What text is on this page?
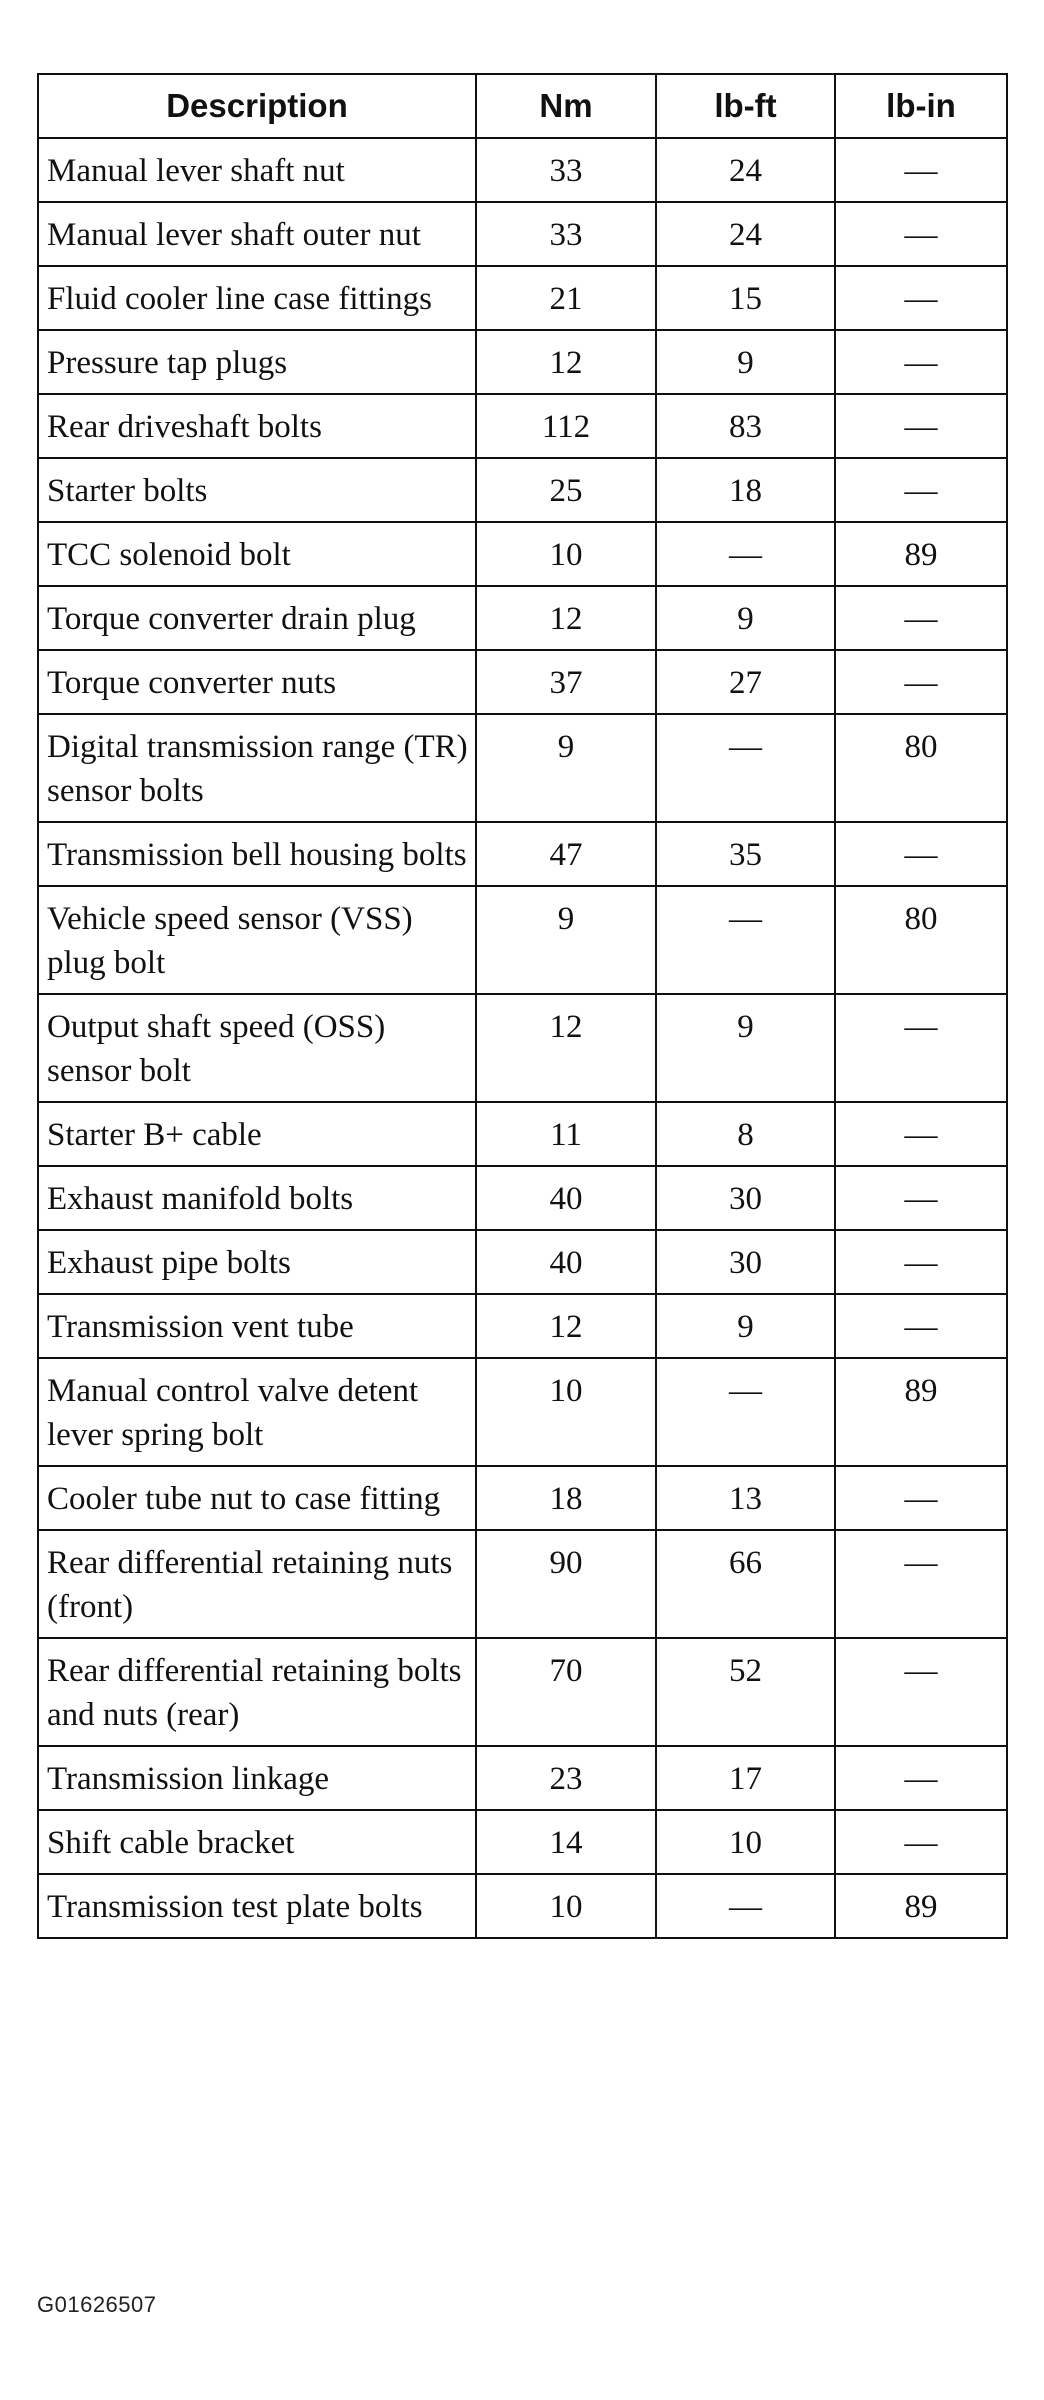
Description	Nm	lb-ft	lb-in
Manual lever shaft nut	33	24	—
Manual lever shaft outer nut	33	24	—
Fluid cooler line case fittings	21	15	—
Pressure tap plugs	12	9	—
Rear driveshaft bolts	112	83	—
Starter bolts	25	18	—
TCC solenoid bolt	10	—	89
Torque converter drain plug	12	9	—
Torque converter nuts	37	27	—
Digital transmission range (TR) sensor bolts	9	—	80
Transmission bell housing bolts	47	35	—
Vehicle speed sensor (VSS) plug bolt	9	—	80
Output shaft speed (OSS) sensor bolt	12	9	—
Starter B+ cable	11	8	—
Exhaust manifold bolts	40	30	—
Exhaust pipe bolts	40	30	—
Transmission vent tube	12	9	—
Manual control valve detent lever spring bolt	10	—	89
Cooler tube nut to case fitting	18	13	—
Rear differential retaining nuts (front)	90	66	—
Rear differential retaining bolts and nuts (rear)	70	52	—
Transmission linkage	23	17	—
Shift cable bracket	14	10	—
Transmission test plate bolts	10	—	89
G01626507
